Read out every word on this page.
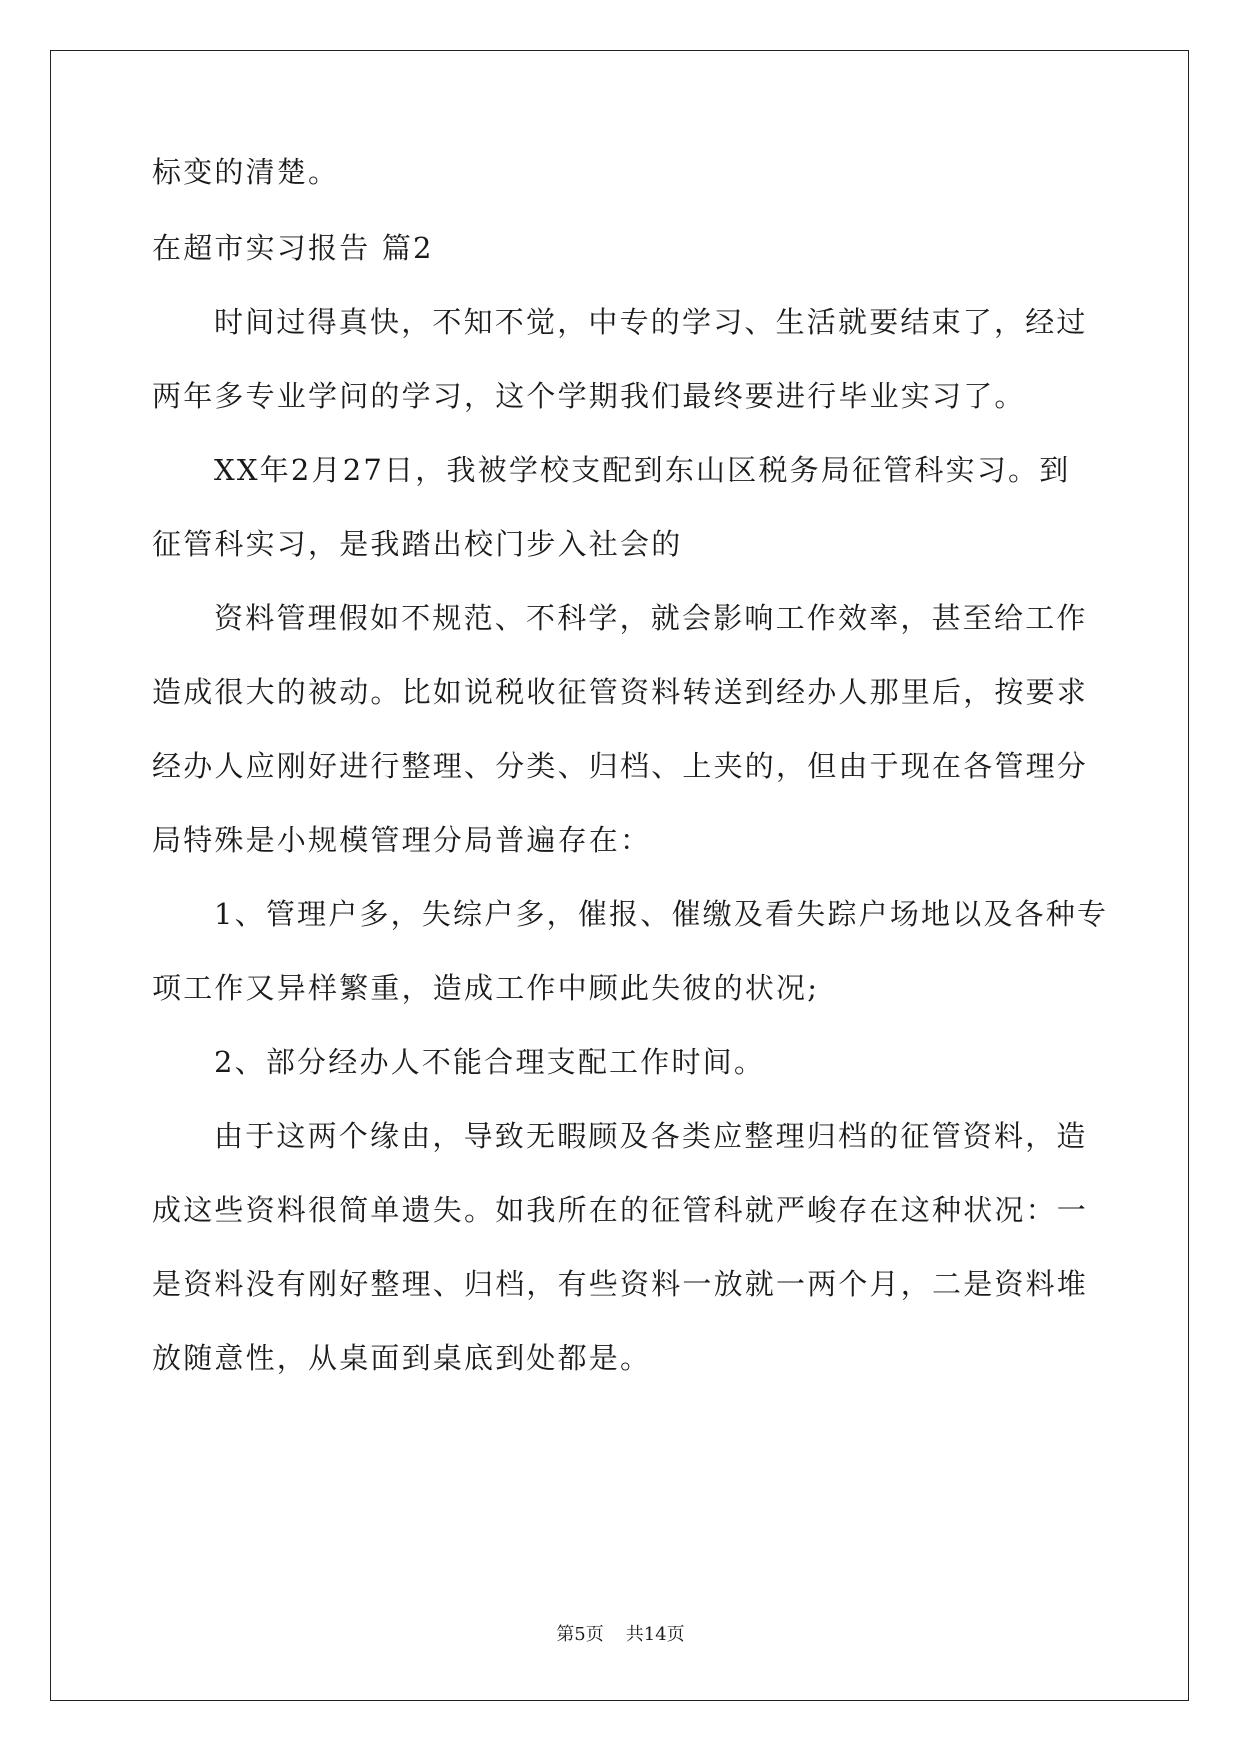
标变的清楚。
在超市实习报告 篇2
时间过得真快，不知不觉，中专的学习、生活就要结束了，经过
两年多专业学问的学习，这个学期我们最终要进行毕业实习了。
XX年2月27日，我被学校支配到东山区税务局征管科实习。到
征管科实习，是我踏出校门步入社会的
资料管理假如不规范、不科学，就会影响工作效率，甚至给工作
造成很大的被动。比如说税收征管资料转送到经办人那里后，按要求
经办人应刚好进行整理、分类、归档、上夹的，但由于现在各管理分
局特殊是小规模管理分局普遍存在：
1、管理户多，失综户多，催报、催缴及看失踪户场地以及各种专
项工作又异样繁重，造成工作中顾此失彼的状况;
2、部分经办人不能合理支配工作时间。
由于这两个缘由，导致无暇顾及各类应整理归档的征管资料，造
成这些资料很简单遗失。如我所在的征管科就严峻存在这种状况：一
是资料没有刚好整理、归档，有些资料一放就一两个月，二是资料堆
放随意性，从桌面到桌底到处都是。
第5页 共14页
